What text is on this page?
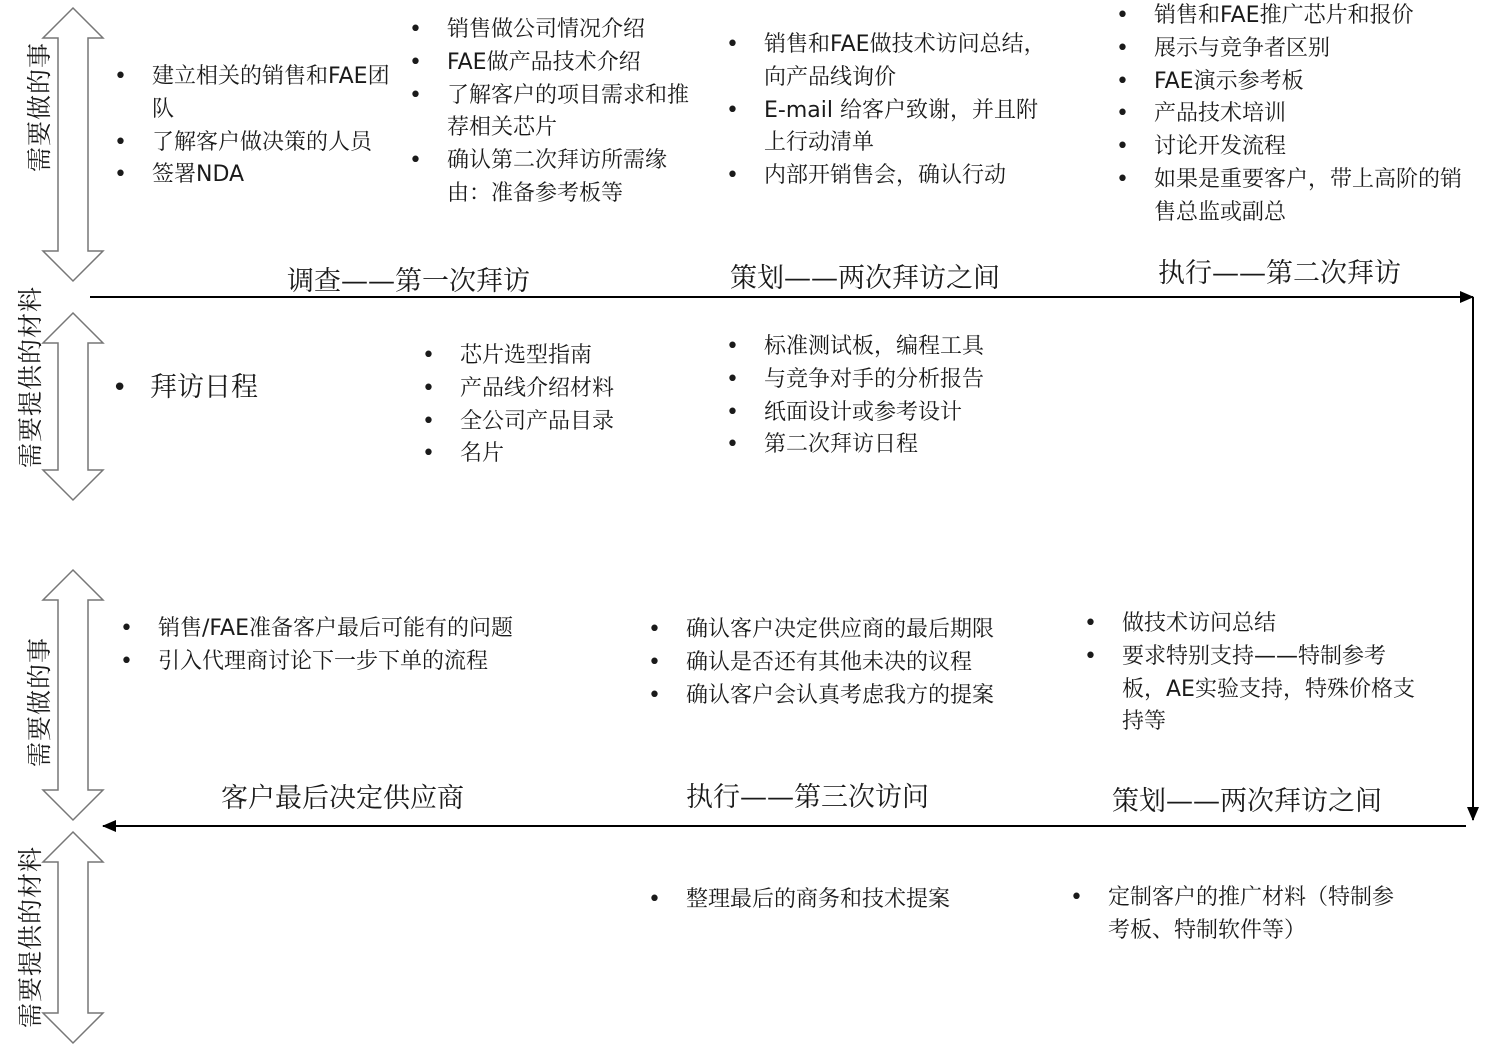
需要做的事
需要提供的材料
需要做的事
需要提供的材料
调查——第一次拜访	策划——两次拜访之间	执行——第二次拜访
客户最后决定供应商	执行——第三次访问	策划——两次拜访之间
• 建立相关的销售和FAE团队
• 了解客户做决策的人员
• 签署NDA
• 销售做公司情况介绍
• FAE做产品技术介绍
• 了解客户的项目需求和推荐相关芯片
• 确认第二次拜访所需缘由：准备参考板等
• 销售和FAE做技术访问总结，向产品线询价
• E-mail 给客户致谢，并且附上行动清单
• 内部开销售会，确认行动
• 销售和FAE推广芯片和报价
• 展示与竞争者区别
• FAE演示参考板
• 产品技术培训
• 讨论开发流程
• 如果是重要客户，带上高阶的销售总监或副总
• 拜访日程
• 芯片选型指南
• 产品线介绍材料
• 全公司产品目录
• 名片
• 标准测试板，编程工具
• 与竞争对手的分析报告
• 纸面设计或参考设计
• 第二次拜访日程
• 销售/FAE准备客户最后可能有的问题
• 引入代理商讨论下一步下单的流程
• 确认客户决定供应商的最后期限
• 确认是否还有其他未决的议程
• 确认客户会认真考虑我方的提案
• 做技术访问总结
• 要求特别支持——特制参考板，AE实验支持，特殊价格支持等
• 整理最后的商务和技术提案
•	定制客户的推广材料（特制参考板、特制软件等）
